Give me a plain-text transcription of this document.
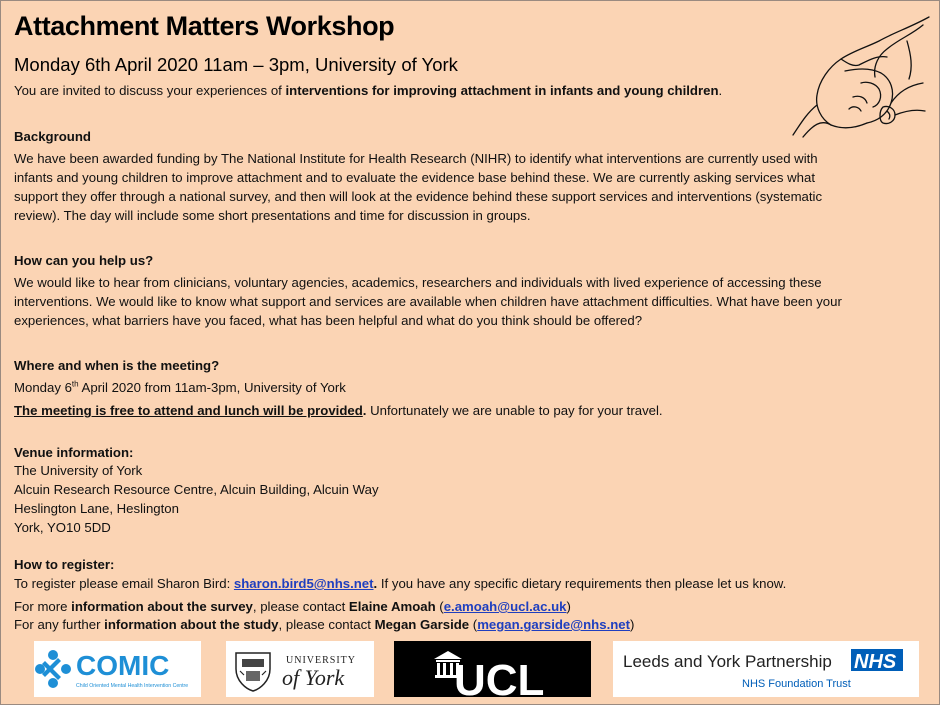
Attachment Matters Workshop
Monday 6th April 2020 11am – 3pm, University of York
You are invited to discuss your experiences of interventions for improving attachment in infants and young children.
Background
We have been awarded funding by The National Institute for Health Research (NIHR) to identify what interventions are currently used with
infants and young children to improve attachment and to evaluate the evidence base behind these. We are currently asking services what
support they offer through a national survey, and then will look at the evidence behind these support services and interventions (systematic
review). The day will include some short presentations and time for discussion in groups.
How can you help us?
We would like to hear from clinicians, voluntary agencies, academics, researchers and individuals with lived experience of accessing these
interventions. We would like to know what support and services are available when children have attachment difficulties. What have been your
experiences, what barriers have you faced, what has been helpful and what do you think should be offered?
Where and when is the meeting?
Monday 6th April 2020 from 11am-3pm, University of York
The meeting is free to attend and lunch will be provided. Unfortunately we are unable to pay for your travel.
Venue information:
The University of York
Alcuin Research Resource Centre, Alcuin Building, Alcuin Way
Heslington Lane, Heslington
York, YO10 5DD
How to register:
To register please email Sharon Bird: sharon.bird5@nhs.net. If you have any specific dietary requirements then please let us know.
For more information about the survey, please contact Elaine Amoah (e.amoah@ucl.ac.uk)
For any further information about the study, please contact Megan Garside (megan.garside@nhs.net)
COMIC
Child Oriented Mental Health Intervention Centre
UNIVERSITY
of York UCL	Leeds and York Partnership NHS
NHS Foundation Trust
